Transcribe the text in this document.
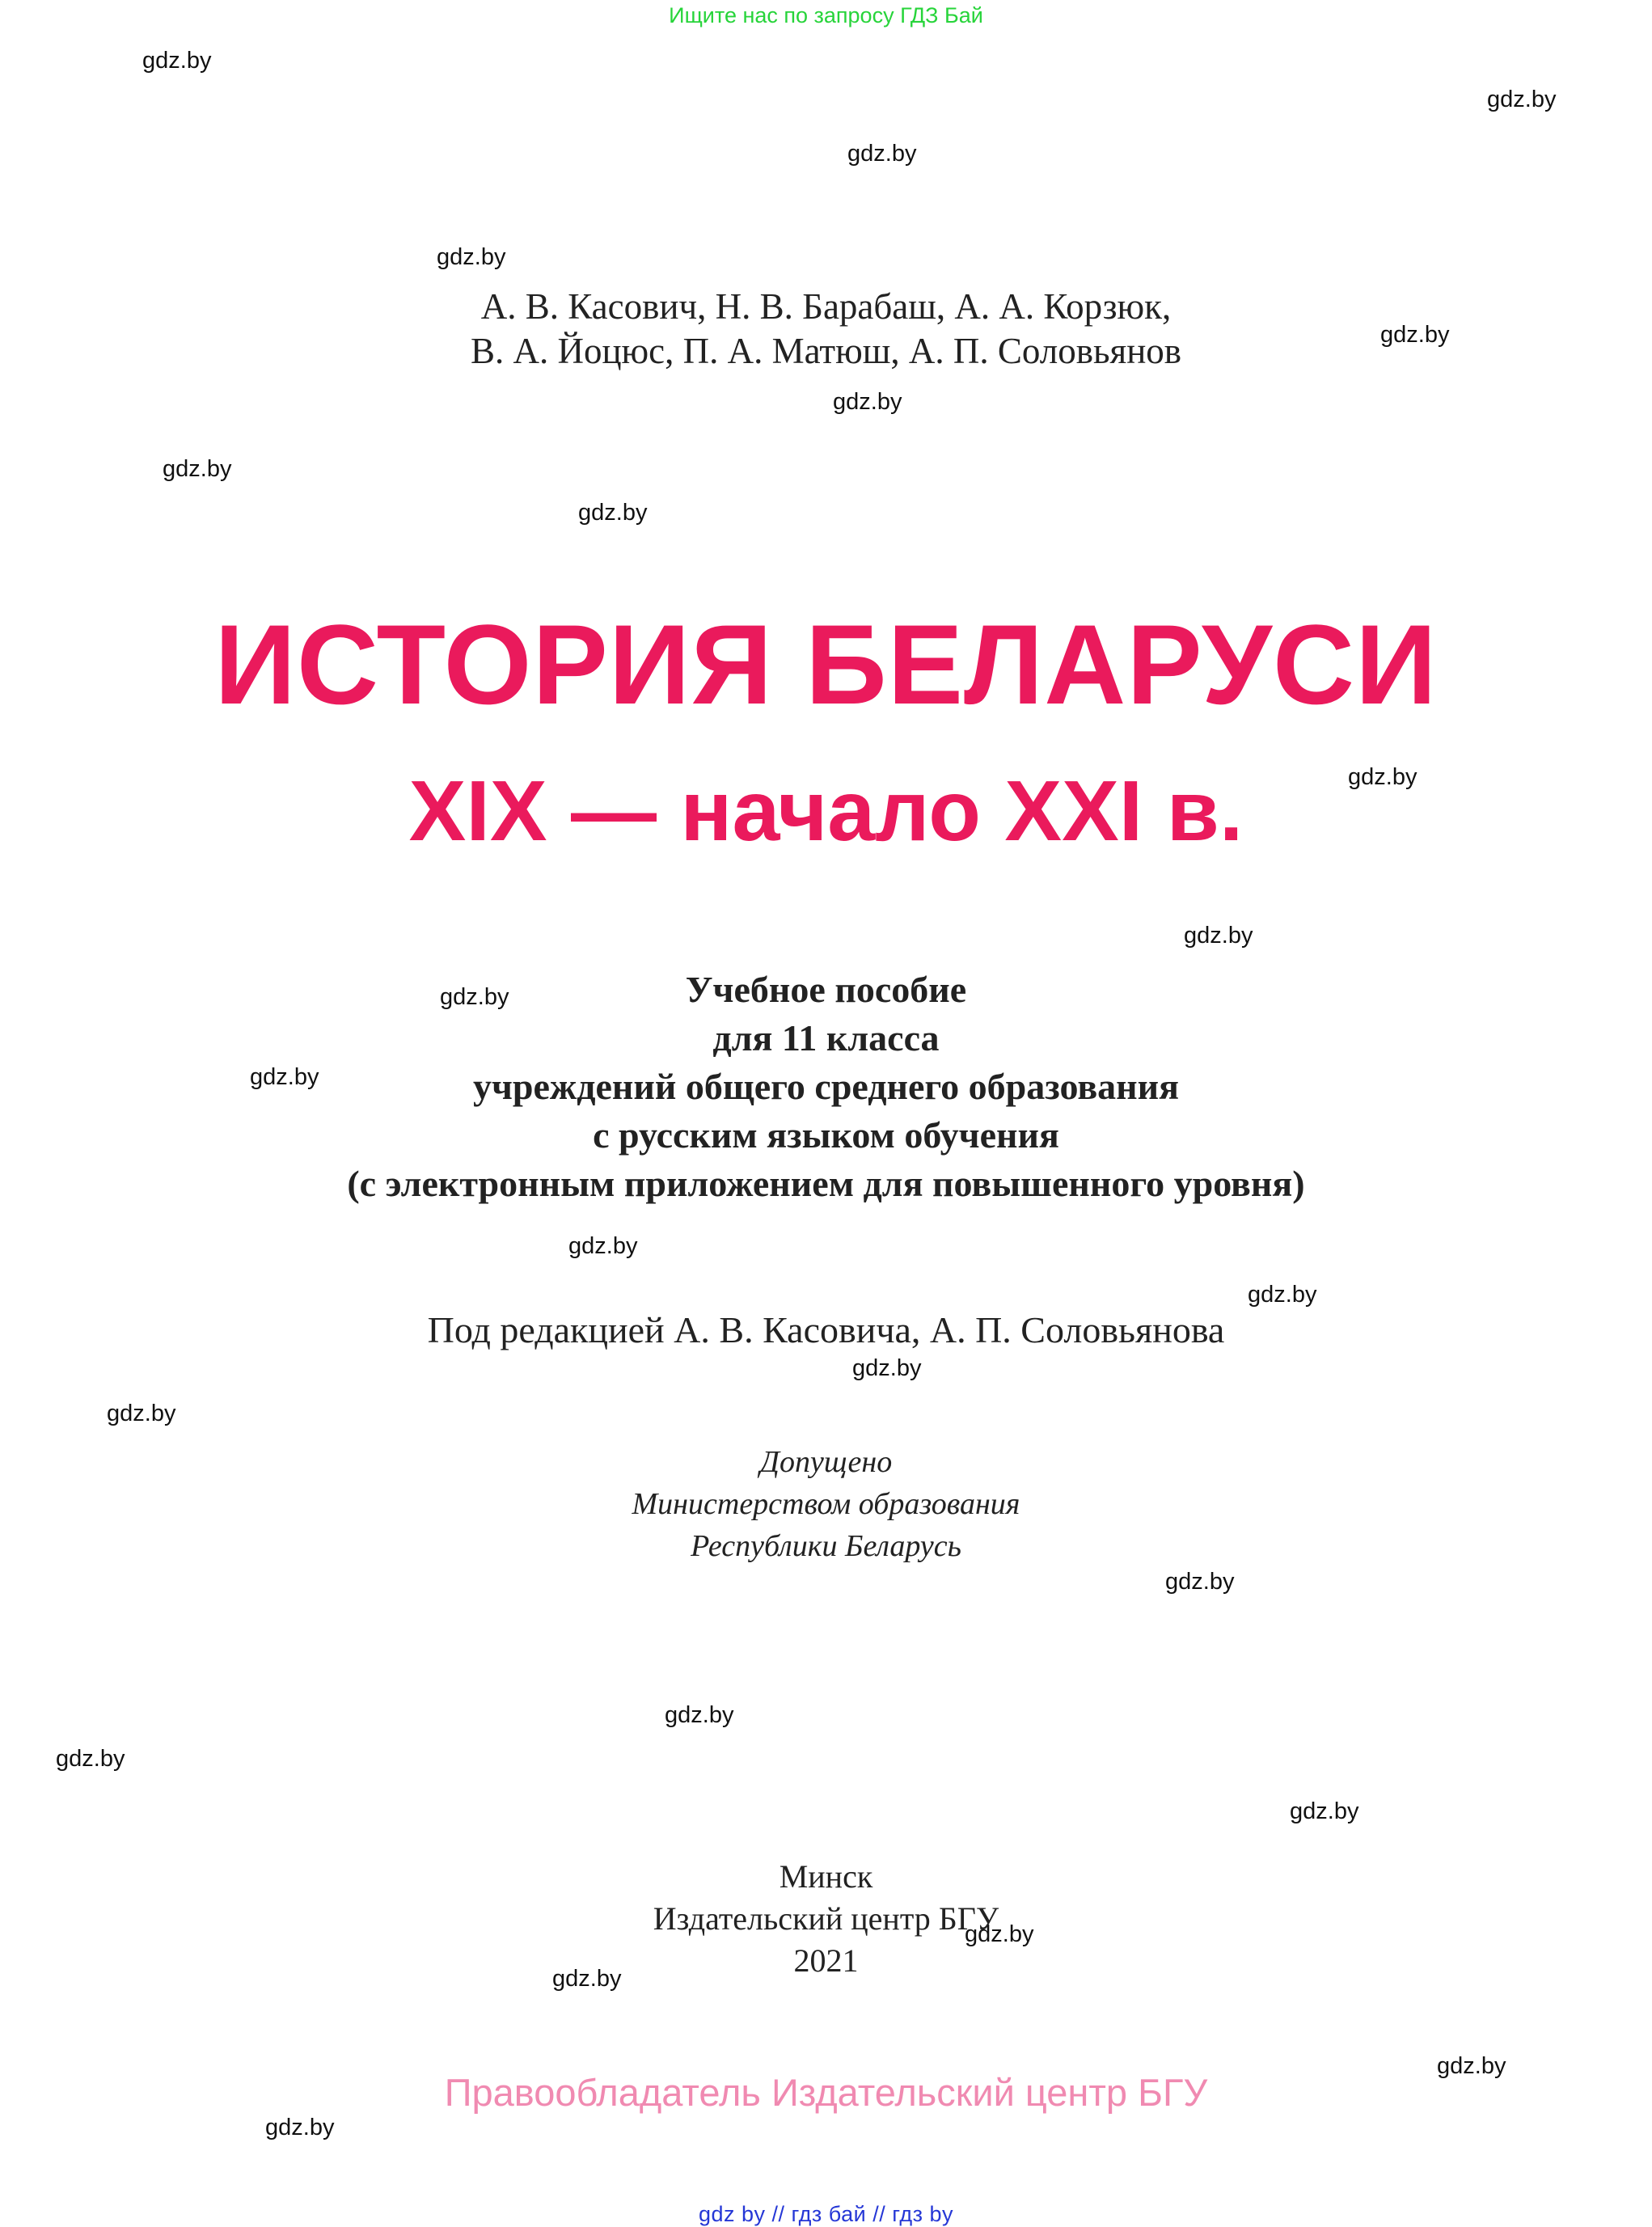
Ищите нас по запросу ГДЗ Бай
gdz.by
gdz.by
gdz.by
gdz.by
gdz.by
gdz.by
gdz.by
gdz.by
gdz.by
gdz.by
gdz.by
gdz.by
gdz.by
gdz.by
gdz.by
gdz.by
gdz.by
gdz.by
gdz.by
gdz.by
gdz.by
gdz.by
gdz.by
gdz.by
А. В. Касович, Н. В. Барабаш, А. А. Корзюк,
В. А. Йоцюс, П. А. Матюш, А. П. Соловьянов
ИСТОРИЯ БЕЛАРУСИ
XIX — начало XXI в.
Учебное пособие
для 11 класса
учреждений общего среднего образования
с русским языком обучения
(с электронным приложением для повышенного уровня)
Под редакцией А. В. Касовича, А. П. Соловьянова
Допущено
Министерством образования
Республики Беларусь
Минск
Издательский центр БГУ
2021
Правообладатель Издательский центр БГУ
gdz by // гдз бай // гдз by
